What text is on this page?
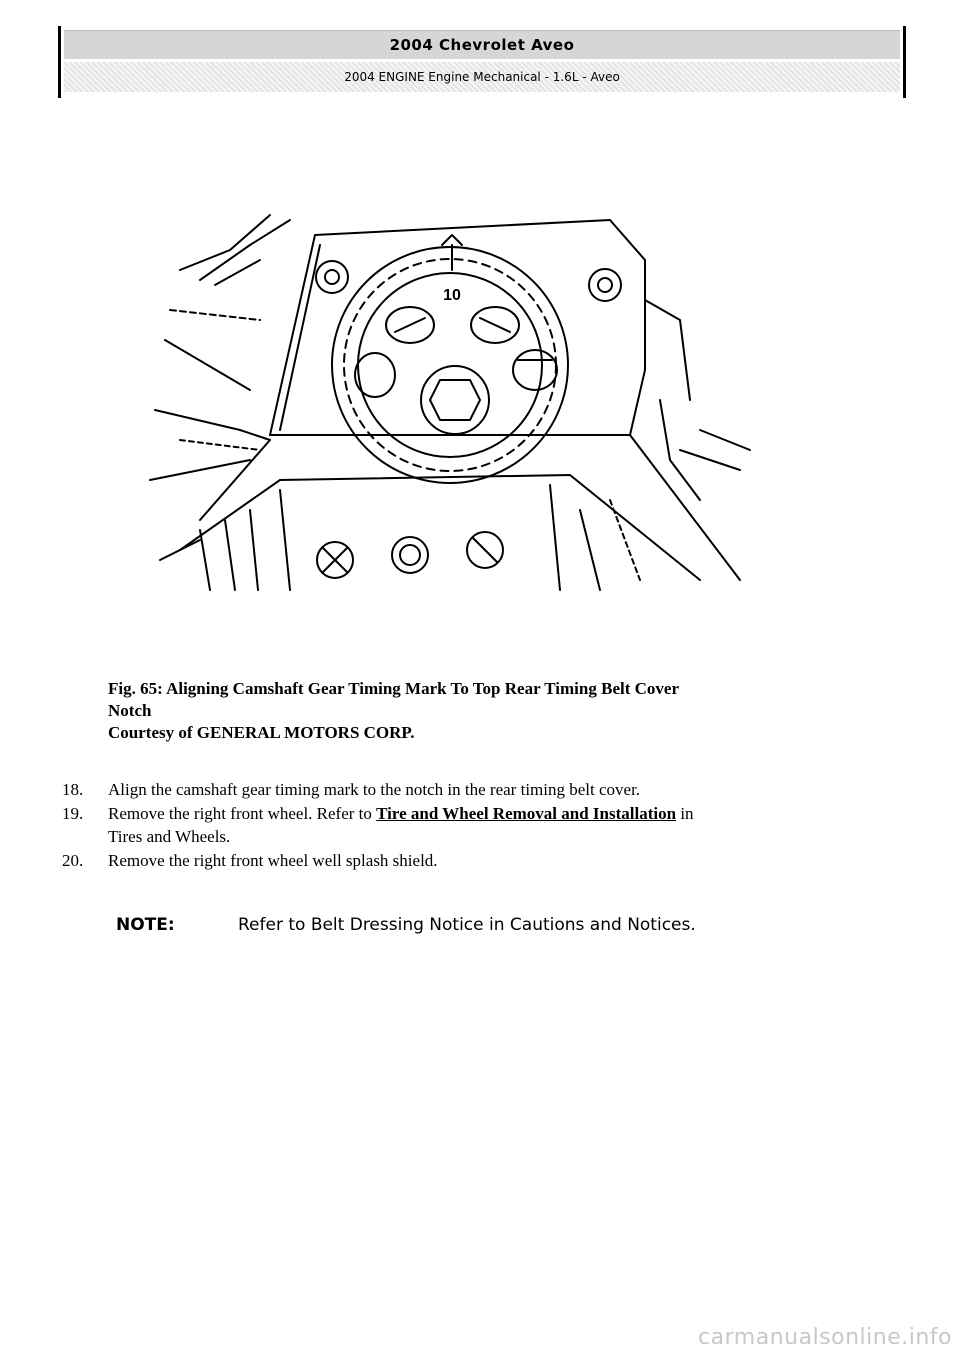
2004 Chevrolet Aveo
2004 ENGINE Engine Mechanical - 1.6L - Aveo
10
Fig. 65: Aligning Camshaft Gear Timing Mark To Top Rear Timing Belt Cover
Notch
Courtesy of GENERAL MOTORS CORP.
18.	Align the camshaft gear timing mark to the notch in the rear timing belt cover.
19.	Remove the right front wheel. Refer to Tire and Wheel Removal and Installation in
Tires and Wheels.
20.	Remove the right front wheel well splash shield.
NOTE:	Refer to Belt Dressing Notice in Cautions and Notices.
carmanualsonline.info
